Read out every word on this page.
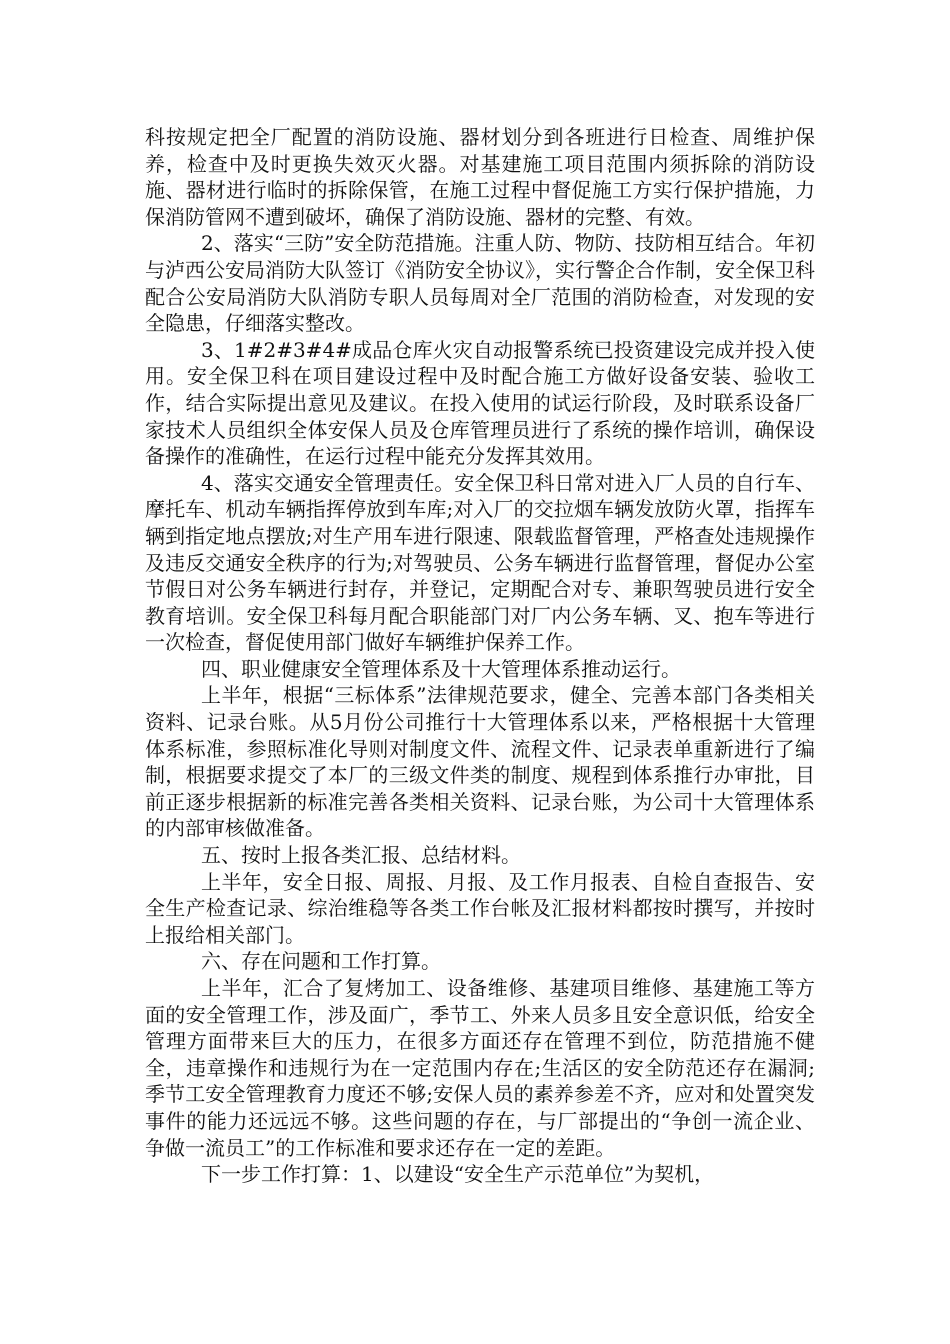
科按规定把全厂配置的消防设施、器材划分到各班进行日检查、周维护保养，检查中及时更换失效灭火器。对基建施工项目范围内须拆除的消防设施、器材进行临时的拆除保管，在施工过程中督促施工方实行保护措施，力保消防管网不遭到破坏，确保了消防设施、器材的完整、有效。

2、落实“三防”安全防范措施。注重人防、物防、技防相互结合。年初与泸西公安局消防大队签订《消防安全协议》，实行警企合作制，安全保卫科配合公安局消防大队消防专职人员每周对全厂范围的消防检查，对发现的安全隐患，仔细落实整改。

3、1#2#3#4#成品仓库火灾自动报警系统已投资建设完成并投入使用。安全保卫科在项目建设过程中及时配合施工方做好设备安装、验收工作，结合实际提出意见及建议。在投入使用的试运行阶段，及时联系设备厂家技术人员组织全体安保人员及仓库管理员进行了系统的操作培训，确保设备操作的准确性，在运行过程中能充分发挥其效用。

4、落实交通安全管理责任。安全保卫科日常对进入厂人员的自行车、摩托车、机动车辆指挥停放到车库;对入厂的交拉烟车辆发放防火罩，指挥车辆到指定地点摆放;对生产用车进行限速、限载监督管理，严格查处违规操作及违反交通安全秩序的行为;对驾驶员、公务车辆进行监督管理，督促办公室节假日对公务车辆进行封存，并登记，定期配合对专、兼职驾驶员进行安全教育培训。安全保卫科每月配合职能部门对厂内公务车辆、叉、抱车等进行一次检查，督促使用部门做好车辆维护保养工作。

四、职业健康安全管理体系及十大管理体系推动运行。

上半年，根据“三标体系”法律规范要求，健全、完善本部门各类相关资料、记录台账。从5月份公司推行十大管理体系以来，严格根据十大管理体系标准，参照标准化导则对制度文件、流程文件、记录表单重新进行了编制，根据要求提交了本厂的三级文件类的制度、规程到体系推行办审批，目前正逐步根据新的标准完善各类相关资料、记录台账，为公司十大管理体系的内部审核做准备。

五、按时上报各类汇报、总结材料。

上半年，安全日报、周报、月报、及工作月报表、自检自查报告、安全生产检查记录、综治维稳等各类工作台帐及汇报材料都按时撰写，并按时上报给相关部门。

六、存在问题和工作打算。

上半年，汇合了复烤加工、设备维修、基建项目维修、基建施工等方面的安全管理工作，涉及面广，季节工、外来人员多且安全意识低，给安全管理方面带来巨大的压力，在很多方面还存在管理不到位，防范措施不健全，违章操作和违规行为在一定范围内存在;生活区的安全防范还存在漏洞;季节工安全管理教育力度还不够;安保人员的素养参差不齐，应对和处置突发事件的能力还远远不够。这些问题的存在，与厂部提出的“争创一流企业、争做一流员工”的工作标准和要求还存在一定的差距。

下一步工作打算：1、以建设“安全生产示范单位”为契机，
